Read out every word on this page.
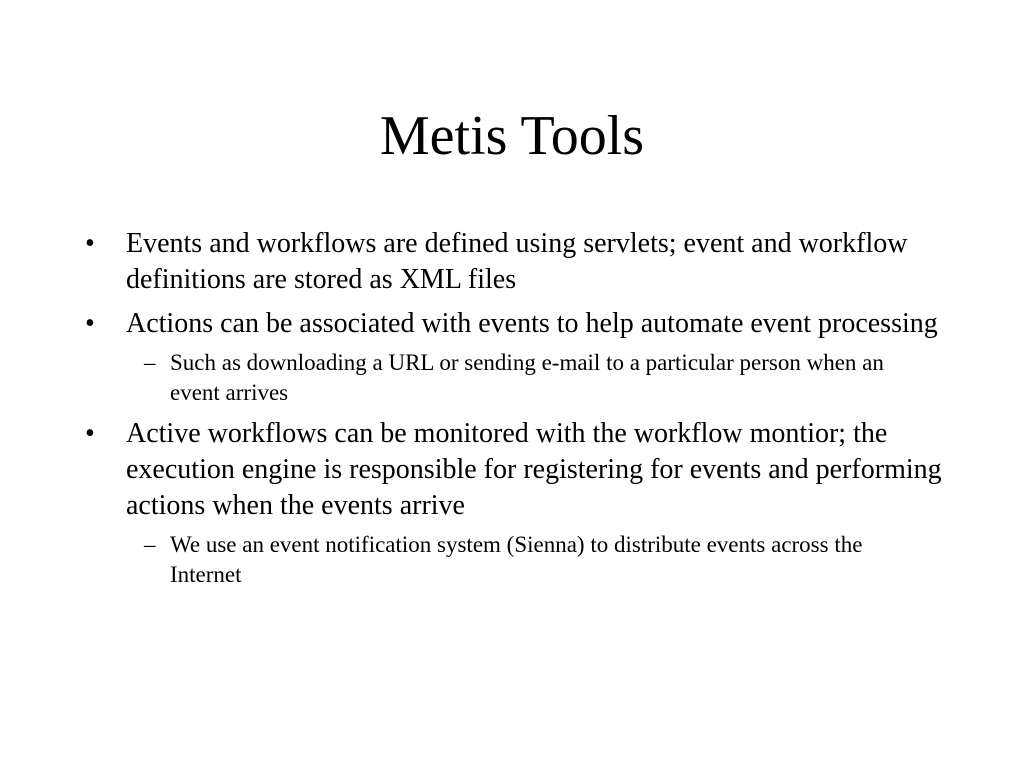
Metis Tools
• Events and workflows are defined using servlets; event and workflow definitions are stored as XML files
• Actions can be associated with events to help automate event processing
– Such as downloading a URL or sending e-mail to a particular person when an event arrives
• Active workflows can be monitored with the workflow montior; the execution engine is responsible for registering for events and performing actions when the events arrive
– We use an event notification system (Sienna) to distribute events across the Internet
